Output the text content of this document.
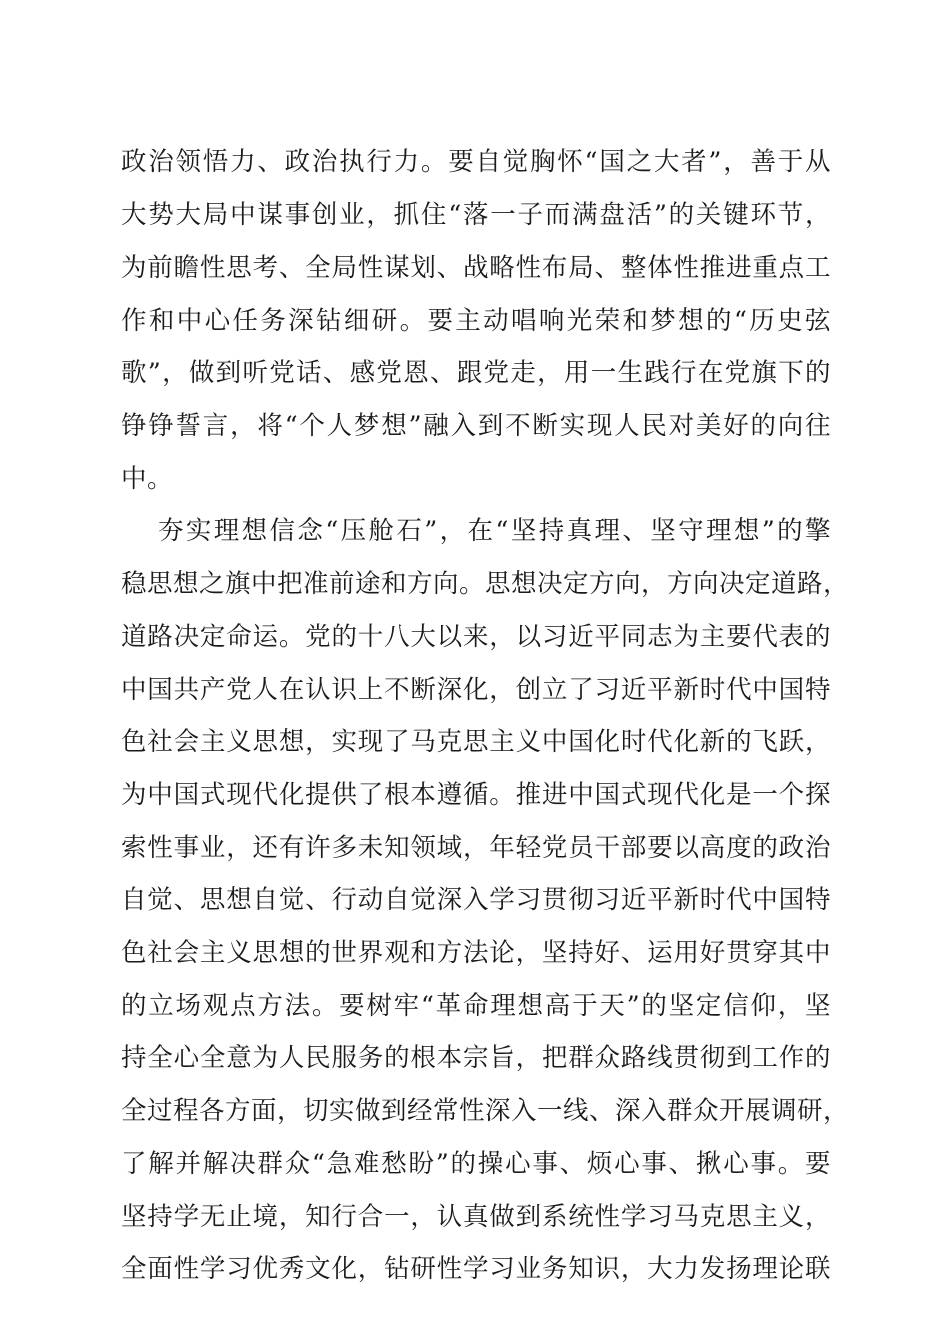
政治领悟力、政治执行力。要自觉胸怀“国之大者”，善于从
大势大局中谋事创业，抓住“落一子而满盘活”的关键环节，
为前瞻性思考、全局性谋划、战略性布局、整体性推进重点工
作和中心任务深钻细研。要主动唱响光荣和梦想的“历史弦
歌”，做到听党话、感党恩、跟党走，用一生践行在党旗下的
铮铮誓言，将“个人梦想”融入到不断实现人民对美好的向往
中。
夯实理想信念“压舱石”，在“坚持真理、坚守理想”的擎
稳思想之旗中把准前途和方向。思想决定方向，方向决定道路，
道路决定命运。党的十八大以来，以习近平同志为主要代表的
中国共产党人在认识上不断深化，创立了习近平新时代中国特
色社会主义思想，实现了马克思主义中国化时代化新的飞跃，
为中国式现代化提供了根本遵循。推进中国式现代化是一个探
索性事业，还有许多未知领域，年轻党员干部要以高度的政治
自觉、思想自觉、行动自觉深入学习贯彻习近平新时代中国特
色社会主义思想的世界观和方法论，坚持好、运用好贯穿其中
的立场观点方法。要树牢“革命理想高于天”的坚定信仰，坚
持全心全意为人民服务的根本宗旨，把群众路线贯彻到工作的
全过程各方面，切实做到经常性深入一线、深入群众开展调研，
了解并解决群众“急难愁盼”的操心事、烦心事、揪心事。要
坚持学无止境，知行合一，认真做到系统性学习马克思主义，
全面性学习优秀文化，钻研性学习业务知识，大力发扬理论联
